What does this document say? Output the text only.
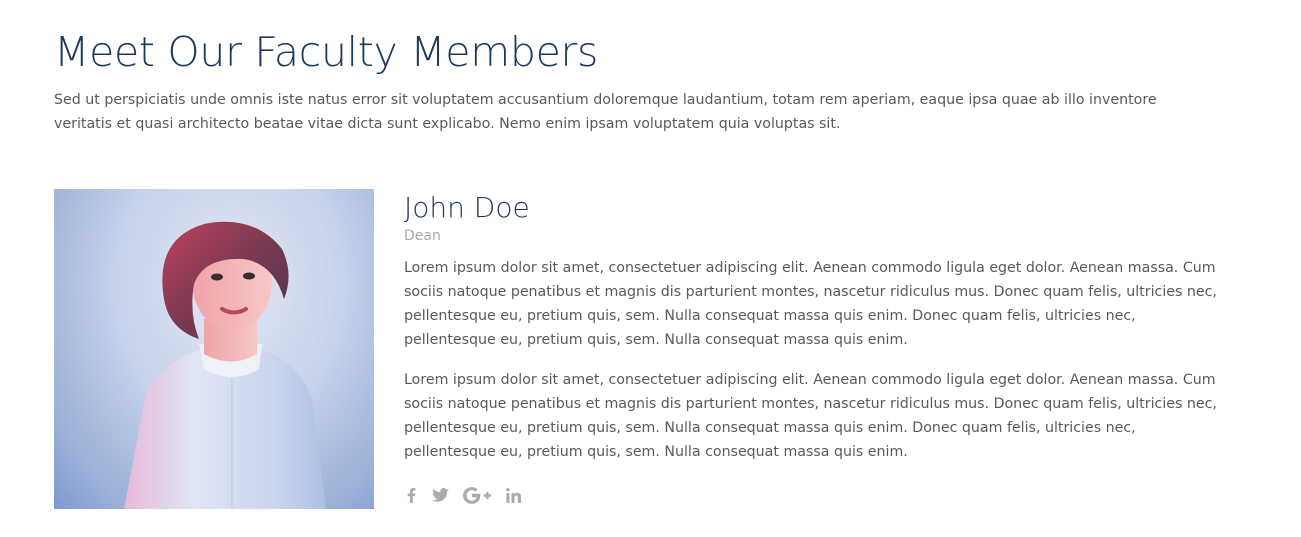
Meet Our Faculty Members

Sed ut perspiciatis unde omnis iste natus error sit voluptatem accusantium doloremque laudantium, totam rem aperiam, eaque ipsa quae ab illo inventore veritatis et quasi architecto beatae vitae dicta sunt explicabo. Nemo enim ipsam voluptatem quia voluptas sit.

John Doe

Dean

Lorem ipsum dolor sit amet, consectetuer adipiscing elit. Aenean commodo ligula eget dolor. Aenean massa. Cum sociis natoque penatibus et magnis dis parturient montes, nascetur ridiculus mus. Donec quam felis, ultricies nec, pellentesque eu, pretium quis, sem. Nulla consequat massa quis enim. Donec quam felis, ultricies nec, pellentesque eu, pretium quis, sem. Nulla consequat massa quis enim.

Lorem ipsum dolor sit amet, consectetuer adipiscing elit. Aenean commodo ligula eget dolor. Aenean massa. Cum sociis natoque penatibus et magnis dis parturient montes, nascetur ridiculus mus. Donec quam felis, ultricies nec, pellentesque eu, pretium quis, sem. Nulla consequat massa quis enim. Donec quam felis, ultricies nec, pellentesque eu, pretium quis, sem. Nulla consequat massa quis enim.
